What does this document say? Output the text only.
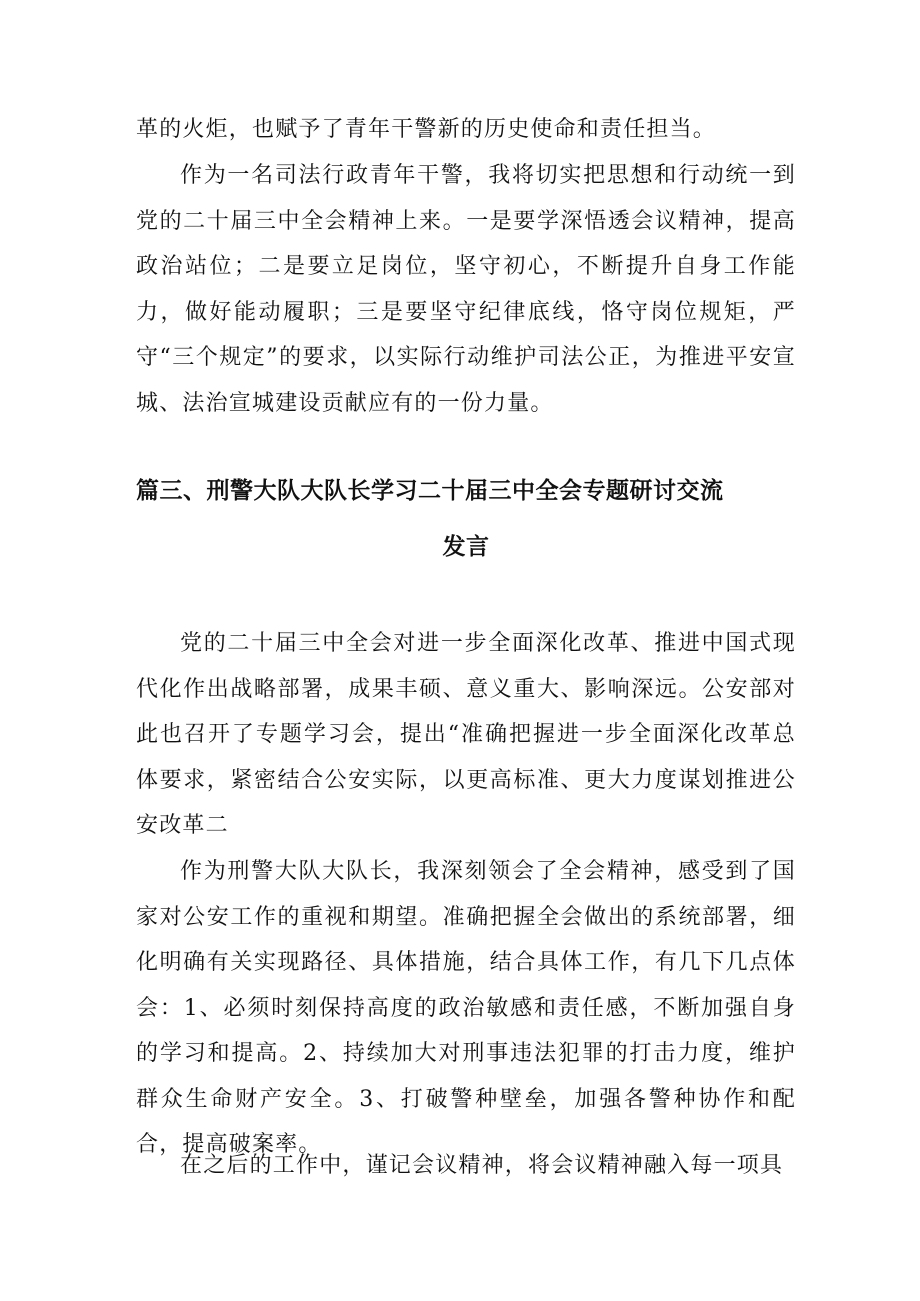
革的火炬，也赋予了青年干警新的历史使命和责任担当。

作为一名司法行政青年干警，我将切实把思想和行动统一到党的二十届三中全会精神上来。一是要学深悟透会议精神，提高政治站位；二是要立足岗位，坚守初心，不断提升自身工作能力，做好能动履职；三是要坚守纪律底线，恪守岗位规矩，严守“三个规定”的要求，以实际行动维护司法公正，为推进平安宣城、法治宣城建设贡献应有的一份力量。

篇三、刑警大队大队长学习二十届三中全会专题研讨交流
发言

党的二十届三中全会对进一步全面深化改革、推进中国式现代化作出战略部署，成果丰硕、意义重大、影响深远。公安部对此也召开了专题学习会，提出“准确把握进一步全面深化改革总体要求，紧密结合公安实际，以更高标准、更大力度谋划推进公安改革二

作为刑警大队大队长，我深刻领会了全会精神，感受到了国家对公安工作的重视和期望。准确把握全会做出的系统部署，细化明确有关实现路径、具体措施，结合具体工作，有几下几点体会：1、必须时刻保持高度的政治敏感和责任感，不断加强自身的学习和提高。2、持续加大对刑事违法犯罪的打击力度，维护群众生命财产安全。3、打破警种壁垒，加强各警种协作和配合，提高破案率。

在之后的工作中，谨记会议精神，将会议精神融入每一项具
